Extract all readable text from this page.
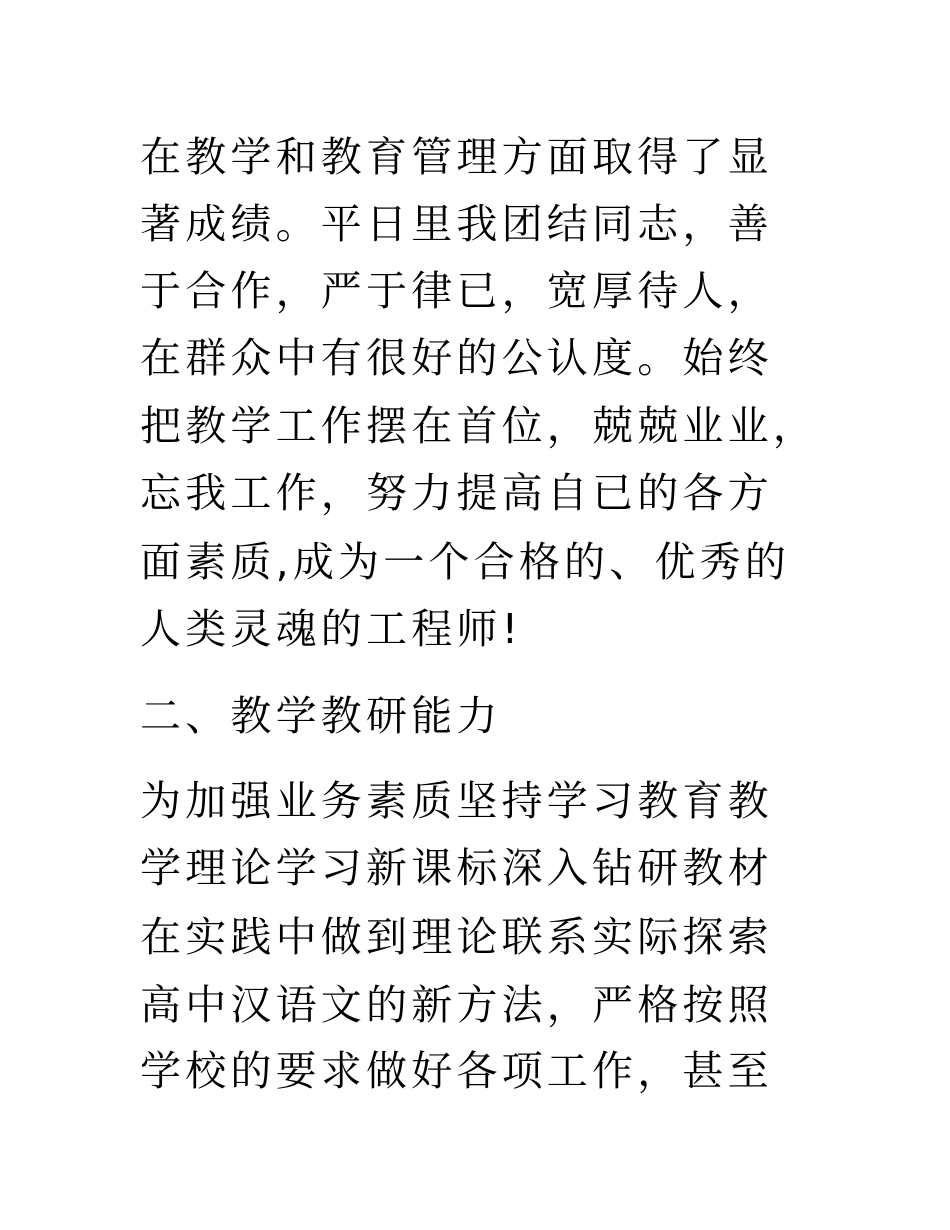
在教学和教育管理方面取得了显

著成绩。平日里我团结同志，善

于合作，严于律已，宽厚待人，

在群众中有很好的公认度。始终

把教学工作摆在首位，兢兢业业，

忘我工作，努力提高自已的各方

面素质,成为一个合格的、优秀的

人类灵魂的工程师!

二、教学教研能力

为加强业务素质坚持学习教育教

学理论学习新课标深入钻研教材

在实践中做到理论联系实际探索

高中汉语文的新方法，严格按照

学校的要求做好各项工作，甚至
